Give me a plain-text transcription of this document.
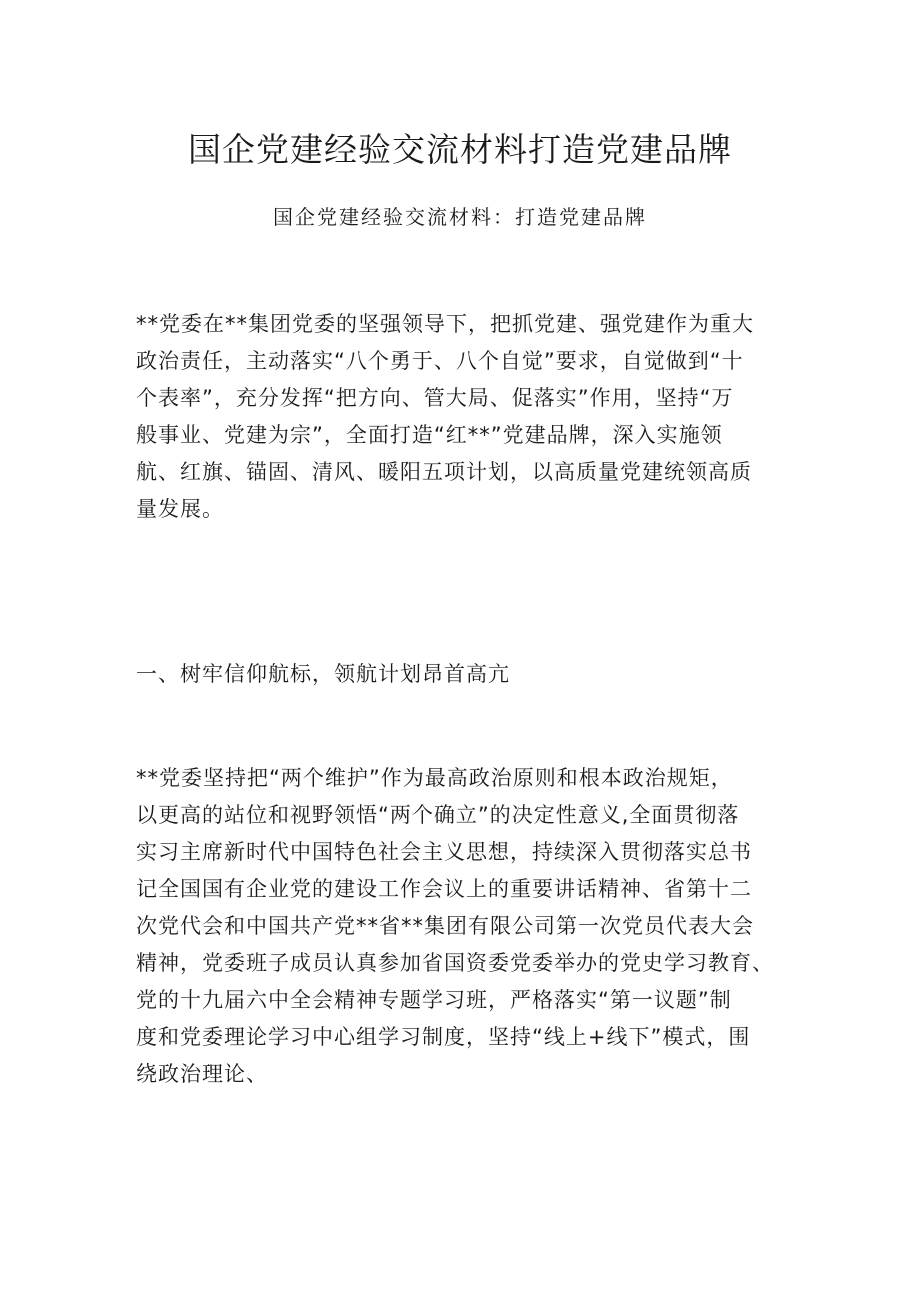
国企党建经验交流材料打造党建品牌

国企党建经验交流材料：打造党建品牌

**党委在**集团党委的坚强领导下，把抓党建、强党建作为重大
政治责任，主动落实“八个勇于、八个自觉”要求，自觉做到“十
个表率”，充分发挥“把方向、管大局、促落实”作用，坚持“万
般事业、党建为宗”，全面打造“红**”党建品牌，深入实施领
航、红旗、锚固、清风、暖阳五项计划，以高质量党建统领高质
量发展。

一、树牢信仰航标，领航计划昂首高亢

**党委坚持把“两个维护”作为最高政治原则和根本政治规矩，
以更高的站位和视野领悟“两个确立”的决定性意义,全面贯彻落
实习主席新时代中国特色社会主义思想，持续深入贯彻落实总书
记全国国有企业党的建设工作会议上的重要讲话精神、省第十二
次党代会和中国共产党**省**集团有限公司第一次党员代表大会
精神，党委班子成员认真参加省国资委党委举办的党史学习教育、
党的十九届六中全会精神专题学习班，严格落实“第一议题”制
度和党委理论学习中心组学习制度，坚持“线上+线下”模式，围
绕政治理论、
